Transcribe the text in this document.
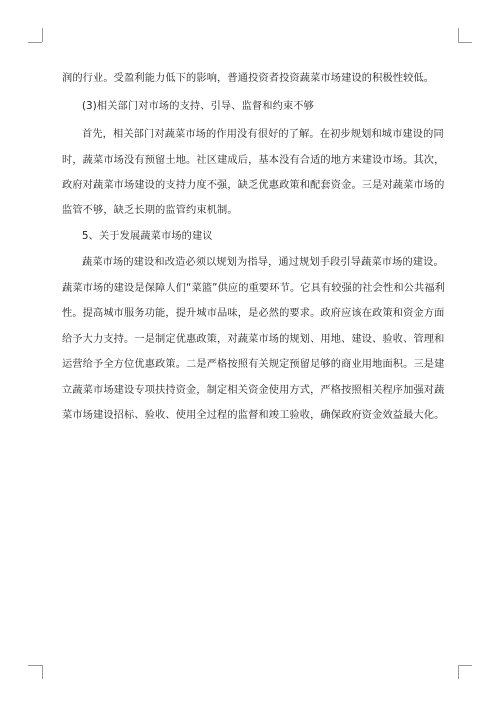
润的行业。受盈利能力低下的影响，普通投资者投资蔬菜市场建设的积极性较低。
(3)相关部门对市场的支持、引导、监督和约束不够
首先，相关部门对蔬菜市场的作用没有很好的了解。在初步规划和城市建设的同
时，蔬菜市场没有预留土地。社区建成后，基本没有合适的地方来建设市场。其次，
政府对蔬菜市场建设的支持力度不强，缺乏优惠政策和配套资金。三是对蔬菜市场的
监管不够，缺乏长期的监管约束机制。
5、关于发展蔬菜市场的建议
蔬菜市场的建设和改造必须以规划为指导，通过规划手段引导蔬菜市场的建设。
蔬菜市场的建设是保障人们“菜篮”供应的重要环节。它具有较强的社会性和公共福利
性。提高城市服务功能，提升城市品味，是必然的要求。政府应该在政策和资金方面
给予大力支持。一是制定优惠政策，对蔬菜市场的规划、用地、建设、验收、管理和
运营给予全方位优惠政策。二是严格按照有关规定预留足够的商业用地面积。三是建
立蔬菜市场建设专项扶持资金，制定相关资金使用方式，严格按照相关程序加强对蔬
菜市场建设招标、验收、使用全过程的监督和竣工验收，确保政府资金效益最大化。
